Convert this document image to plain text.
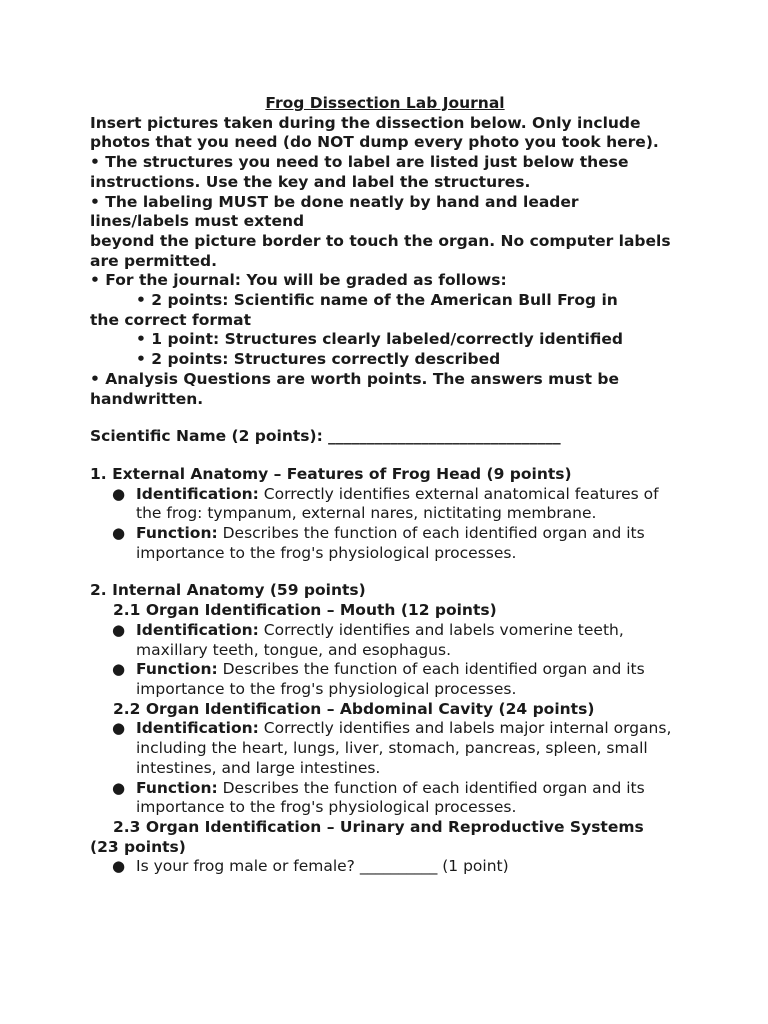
Frog Dissection Lab Journal

Insert pictures taken during the dissection below. Only include photos that you need (do NOT dump every photo you took here).

• The structures you need to label are listed just below these instructions. Use the key and label the structures.

• The labeling MUST be done neatly by hand and leader lines/labels must extend

beyond the picture border to touch the organ. No computer labels are permitted.

• For the journal: You will be graded as follows:

• 2 points: Scientific name of the American Bull Frog in

the correct format

• 1 point: Structures clearly labeled/correctly identified

• 2 points: Structures correctly described

• Analysis Questions are worth points. The answers must be handwritten.

Scientific Name (2 points): ______________________________

1. External Anatomy – Features of Frog Head (9 points)

● Identification: Correctly identifies external anatomical features of the frog: tympanum, external nares, nictitating membrane.
● Function: Describes the function of each identified organ and its importance to the frog's physiological processes.

2. Internal Anatomy (59 points)

2.1 Organ Identification – Mouth (12 points)

● Identification: Correctly identifies and labels vomerine teeth, maxillary teeth, tongue, and esophagus.
● Function: Describes the function of each identified organ and its importance to the frog's physiological processes.

2.2 Organ Identification – Abdominal Cavity (24 points)

● Identification: Correctly identifies and labels major internal organs, including the heart, lungs, liver, stomach, pancreas, spleen, small intestines, and large intestines.
● Function: Describes the function of each identified organ and its importance to the frog's physiological processes.

2.3 Organ Identification – Urinary and Reproductive Systems

(23 points)

● Is your frog male or female? __________ (1 point)
